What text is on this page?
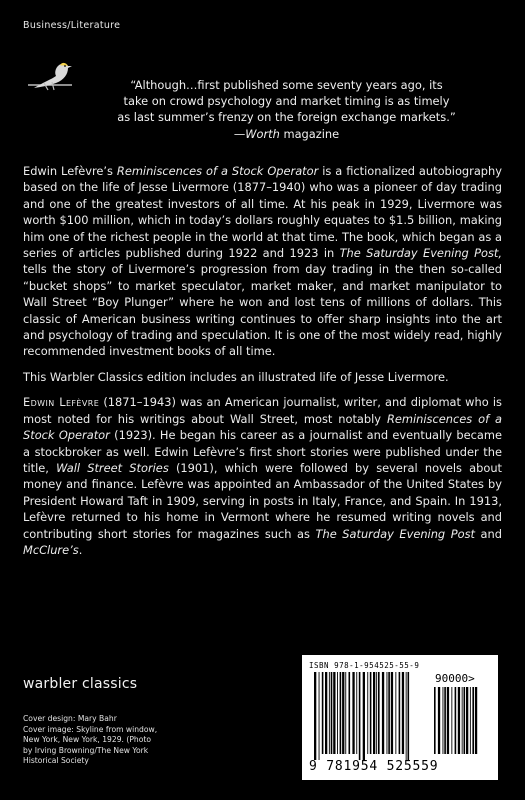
Business/Literature
“Although…first published some seventy years ago, its
take on crowd psychology and market timing is as timely
as last summer’s frenzy on the foreign exchange markets.”
—Worth magazine

Edwin Lefèvre’s Reminiscences of a Stock Operator is a fictionalized autobiography based on the life of Jesse Livermore (1877–1940) who was a pioneer of day trading and one of the greatest investors of all time. At his peak in 1929, Livermore was worth $100 million, which in today’s dollars roughly equates to $1.5 billion, making him one of the richest people in the world at that time. The book, which began as a series of articles published during 1922 and 1923 in The Saturday Evening Post, tells the story of Livermore’s progression from day trading in the then so-called “bucket shops” to market speculator, market maker, and market manipulator to Wall Street “Boy Plunger” where he won and lost tens of millions of dollars. This classic of American business writing continues to offer sharp insights into the art and psychology of trading and speculation. It is one of the most widely read, highly recommended investment books of all time.

This Warbler Classics edition includes an illustrated life of Jesse Livermore.

Edwin Lefèvre (1871–1943) was an American journalist, writer, and diplomat who is most noted for his writings about Wall Street, most notably Reminiscences of a Stock Operator (1923). He began his career as a journalist and eventually became a stockbroker as well. Edwin Lefèvre’s first short stories were published under the title, Wall Street Stories (1901), which were followed by several novels about money and finance. Lefèvre was appointed an Ambassador of the United States by President Howard Taft in 1909, serving in posts in Italy, France, and Spain. In 1913, Lefèvre returned to his home in Vermont where he resumed writing novels and contributing short stories for magazines such as The Saturday Evening Post and McClure’s.

warbler classics
Cover design: Mary Bahr
Cover image: Skyline from window,
New York, New York, 1929. (Photo
by Irving Browning/The New York
Historical Society
ISBN 978-1-954525-55-9
90000>
9 781954 525559
